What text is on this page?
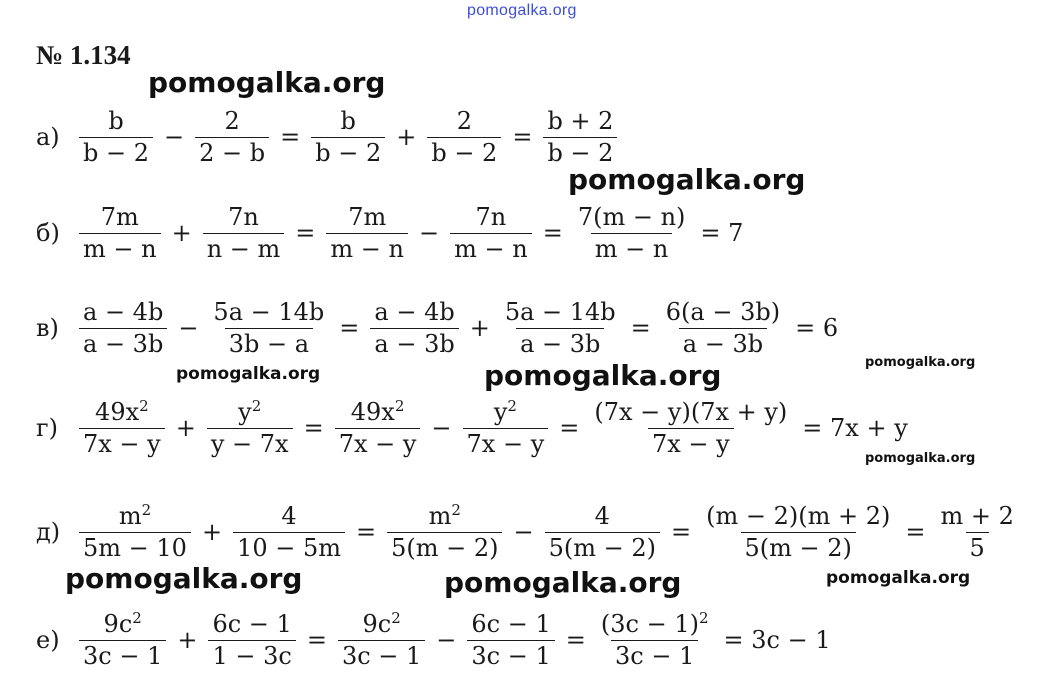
pomogalka.org
№ 1.134
$а) \frac{b}{b - 2} - \frac{2}{2 - b} = \frac{b}{b - 2} + \frac{2}{b - 2} = \frac{b + 2}{b - 2}$
$б) \frac{7m}{m - n} + \frac{7n}{n - m} = \frac{7m}{m - n} - \frac{7n}{m - n} = \frac{7(m - n)}{m - n} = 7$
$в) \frac{a - 4b}{a - 3b} - \frac{5a - 14b}{3b - a} = \frac{a - 4b}{a - 3b} + \frac{5a - 14b}{a - 3b} = \frac{6(a - 3b)}{a - 3b} = 6$
$г) \frac{49x^2}{7x - y} + \frac{y^2}{y - 7x} = \frac{49x^2}{7x - y} - \frac{y^2}{7x - y} = \frac{(7x - y)(7x + y)}{7x - y} = 7x + y$
$д) \frac{m^2}{5m - 10} + \frac{4}{10 - 5m} = \frac{m^2}{5(m - 2)} - \frac{4}{5(m - 2)} = \frac{(m - 2)(m + 2)}{5(m - 2)} = \frac{m + 2}{5}$
$е) \frac{9c^2}{3c - 1} + \frac{6c - 1}{1 - 3c} = \frac{9c^2}{3c - 1} - \frac{6c - 1}{3c - 1} = \frac{(3c - 1)^2}{3c - 1} = 3c - 1$
pomogalka.org
pomogalka.org
pomogalka.org	pomogalka.org	pomogalka.org
pomogalka.org
pomogalka.org	pomogalka.org	pomogalka.org
